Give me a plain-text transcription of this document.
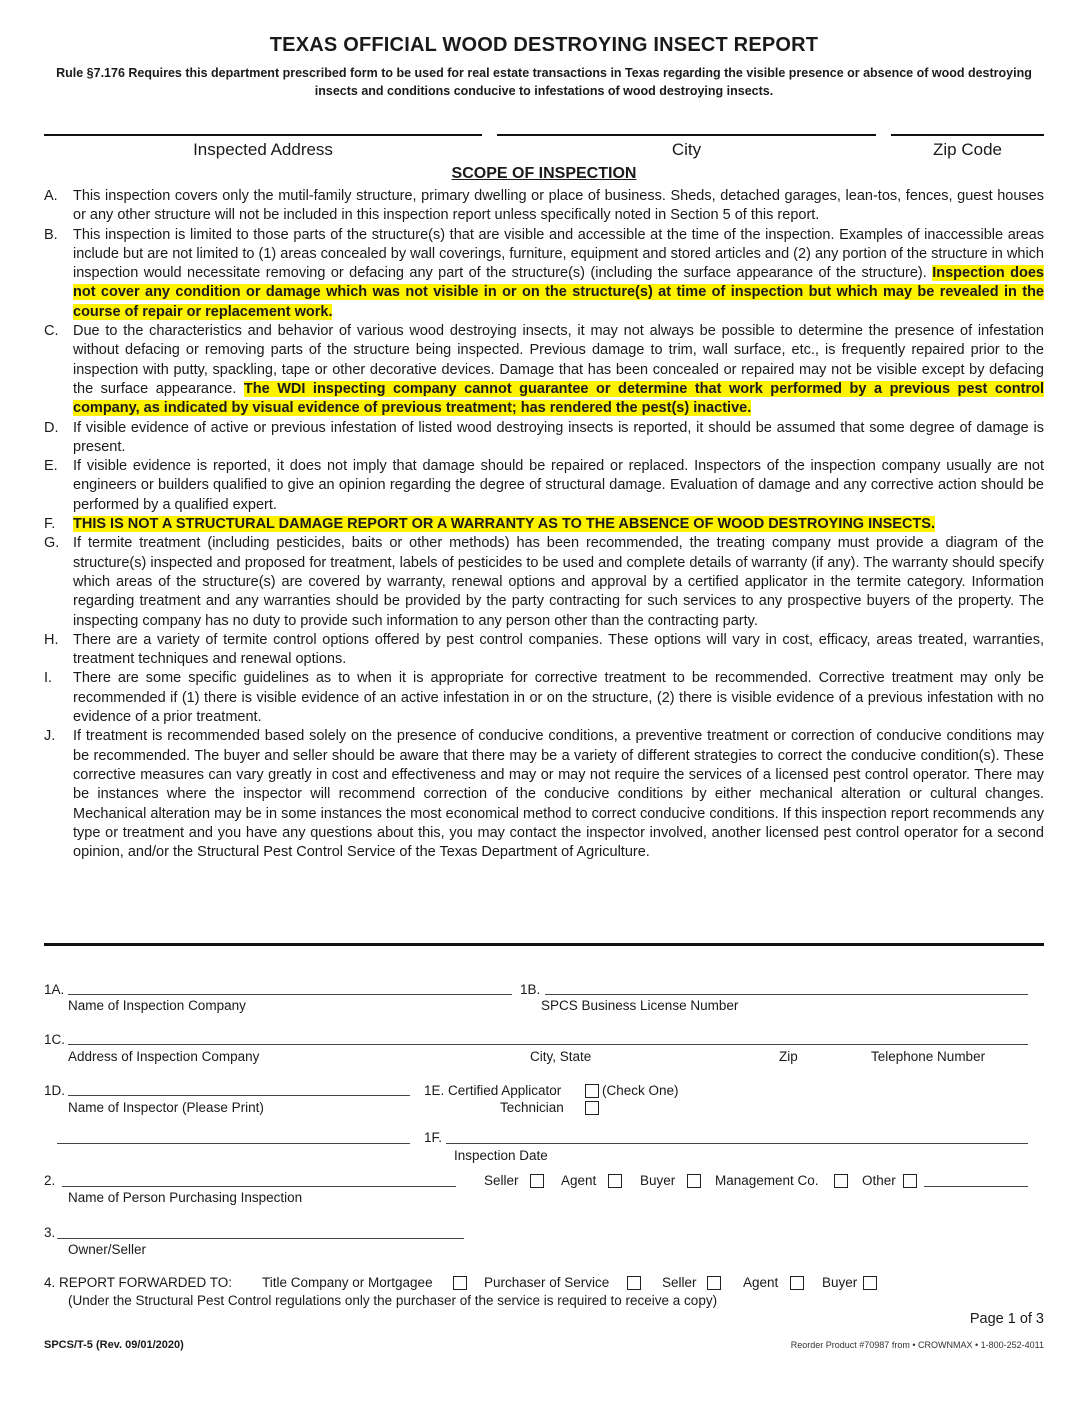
TEXAS OFFICIAL WOOD DESTROYING INSECT REPORT
Rule §7.176 Requires this department prescribed form to be used for real estate transactions in Texas regarding the visible presence or absence of wood destroying insects and conditions conducive to infestations of wood destroying insects.
Inspected Address	City	Zip Code
SCOPE OF INSPECTION
A.	This inspection covers only the mutil-family structure, primary dwelling or place of business. Sheds, detached garages, lean-tos, fences, guest houses or any other structure will not be included in this inspection report unless specifically noted in Section 5 of this report.
B.	This inspection is limited to those parts of the structure(s) that are visible and accessible at the time of the inspection. Examples of inaccessible areas include but are not limited to (1) areas concealed by wall coverings, furniture, equipment and stored articles and (2) any portion of the structure in which inspection would necessitate removing or defacing any part of the structure(s) (including the surface appearance of the structure). Inspection does not cover any condition or damage which was not visible in or on the structure(s) at time of inspection but which may be revealed in the course of repair or replacement work.
C.	Due to the characteristics and behavior of various wood destroying insects, it may not always be possible to determine the presence of infestation without defacing or removing parts of the structure being inspected. Previous damage to trim, wall surface, etc., is frequently repaired prior to the inspection with putty, spackling, tape or other decorative devices. Damage that has been concealed or repaired may not be visible except by defacing the surface appearance. The WDI inspecting company cannot guarantee or determine that work performed by a previous pest control company, as indicated by visual evidence of previous treatment; has rendered the pest(s) inactive.
D.	If visible evidence of active or previous infestation of listed wood destroying insects is reported, it should be assumed that some degree of damage is present.
E.	If visible evidence is reported, it does not imply that damage should be repaired or replaced. Inspectors of the inspection company usually are not engineers or builders qualified to give an opinion regarding the degree of structural damage. Evaluation of damage and any corrective action should be performed by a qualified expert.
F.	THIS IS NOT A STRUCTURAL DAMAGE REPORT OR A WARRANTY AS TO THE ABSENCE OF WOOD DESTROYING INSECTS.
G. If termite treatment (including pesticides, baits or other methods) has been recommended, the treating company must provide a diagram of the structure(s) inspected and proposed for treatment, labels of pesticides to be used and complete details of warranty (if any). The warranty should specify which areas of the structure(s) are covered by warranty, renewal options and approval by a certified applicator in the termite category. Information regarding treatment and any warranties should be provided by the party contracting for such services to any prospective buyers of the property. The inspecting company has no duty to provide such information to any person other than the contracting party.
H.	There are a variety of termite control options offered by pest control companies. These options will vary in cost, efficacy, areas treated, warranties, treatment techniques and renewal options.
I.	There are some specific guidelines as to when it is appropriate for corrective treatment to be recommended. Corrective treatment may only be recommended if (1) there is visible evidence of an active infestation in or on the structure, (2) there is visible evidence of a previous infestation with no evidence of a prior treatment.
J.	If treatment is recommended based solely on the presence of conducive conditions, a preventive treatment or correction of conducive conditions may be recommended. The buyer and seller should be aware that there may be a variety of different strategies to correct the conducive condition(s). These corrective measures can vary greatly in cost and effectiveness and may or may not require the services of a licensed pest control operator. There may be instances where the inspector will recommend correction of the conducive conditions by either mechanical alteration or cultural changes. Mechanical alteration may be in some instances the most economical method to correct conducive conditions. If this inspection report recommends any type or treatment and you have any questions about this, you may contact the inspector involved, another licensed pest control operator for a second opinion, and/or the Structural Pest Control Service of the Texas Department of Agriculture.
1A.
Name of Inspection Company
1B.
SPCS Business License Number
1C.
Address of Inspection Company	City, State	Zip	Telephone Number
1D.
Name of Inspector (Please Print)
1E. Certified Applicator	(Check One)
Technician
1F.
Inspection Date
2.
Name of Person Purchasing Inspection
Seller	Agent	Buyer	Management Co.	Other
3.
Owner/Seller
4. REPORT FORWARDED TO: Title Company or Mortgagee	Purchaser of Service	Seller	Agent	Buyer
(Under the Structural Pest Control regulations only the purchaser of the service is required to receive a copy)
Page 1 of 3
SPCS/T-5 (Rev. 09/01/2020)	Reorder Product #70987 from • CROWNMAX • 1-800-252-4011
